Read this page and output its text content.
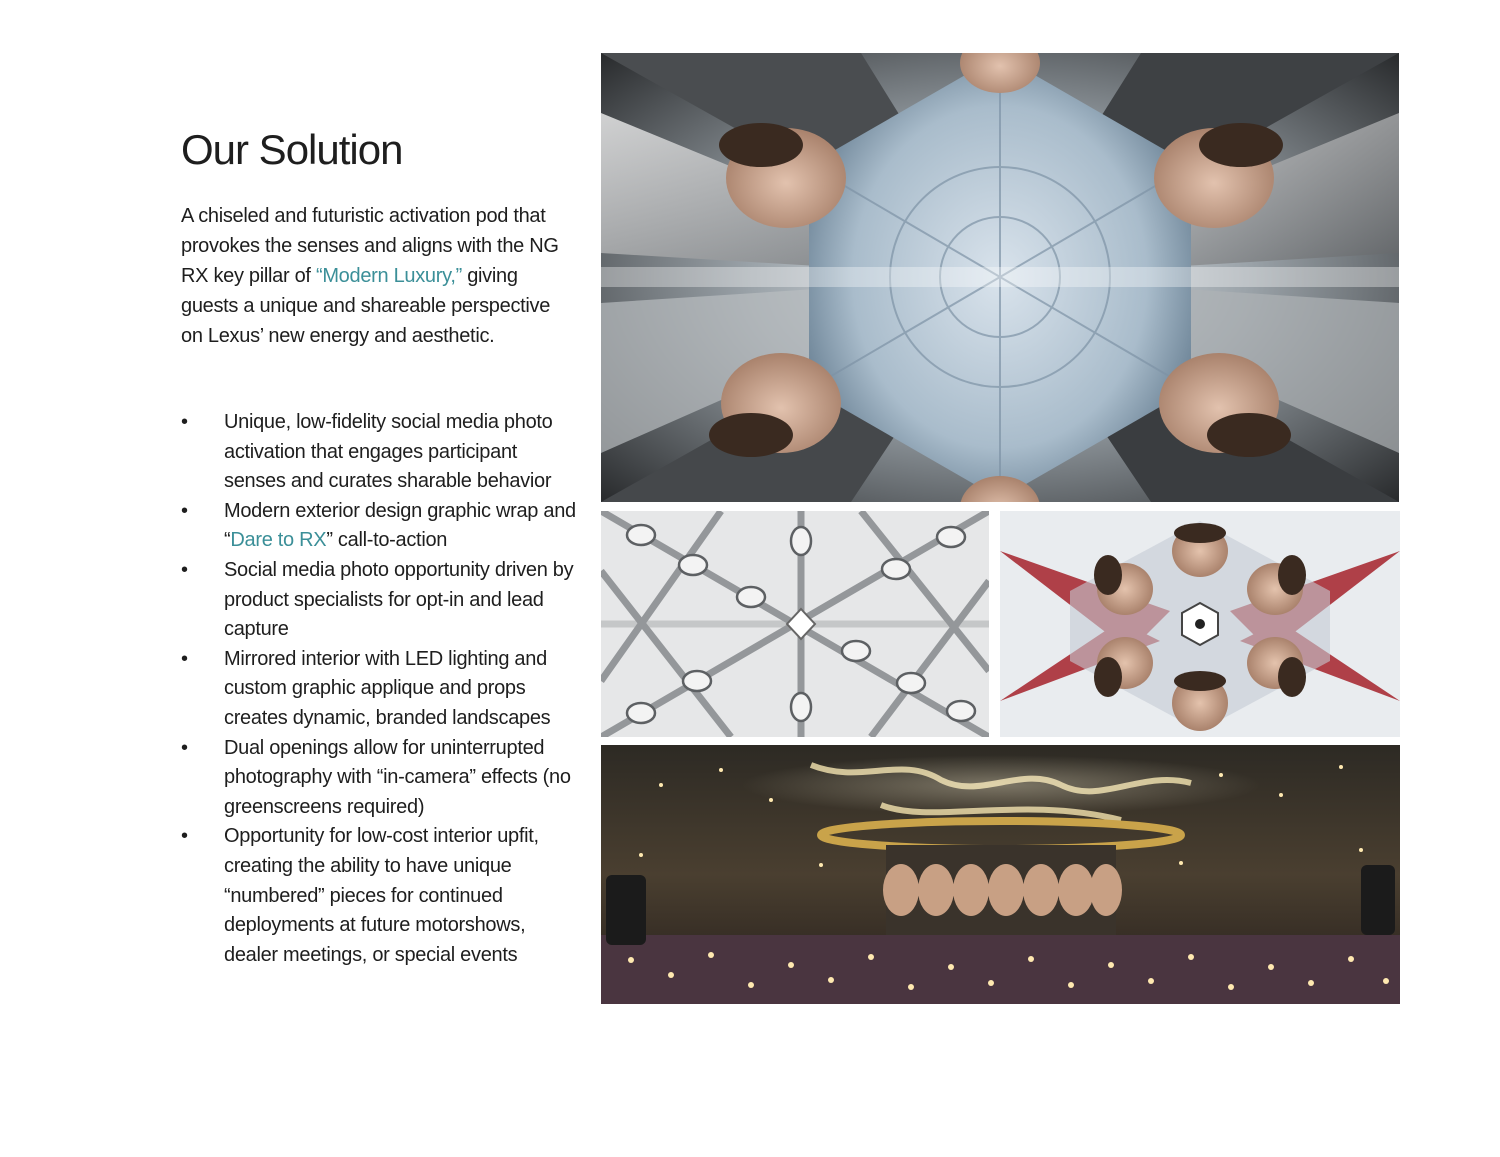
Our Solution

A chiseled and futuristic activation pod that provokes the senses and aligns with the NG RX key pillar of “Modern Luxury,” giving guests a unique and shareable perspective on Lexus’ new energy and aesthetic.

•	Unique, low-fidelity social media photo activation that engages participant senses and curates sharable behavior
•	Modern exterior design graphic wrap and “Dare to RX” call-to-action
•	Social media photo opportunity driven by product specialists for opt-in and lead capture
•	Mirrored interior with LED lighting and custom graphic applique and props creates dynamic, branded landscapes
•	Dual openings allow for uninterrupted photography with “in-camera” effects (no greenscreens required)
•	Opportunity for low-cost interior upfit, creating the ability to have unique “numbered” pieces for continued deployments at future motorshows, dealer meetings, or special events
